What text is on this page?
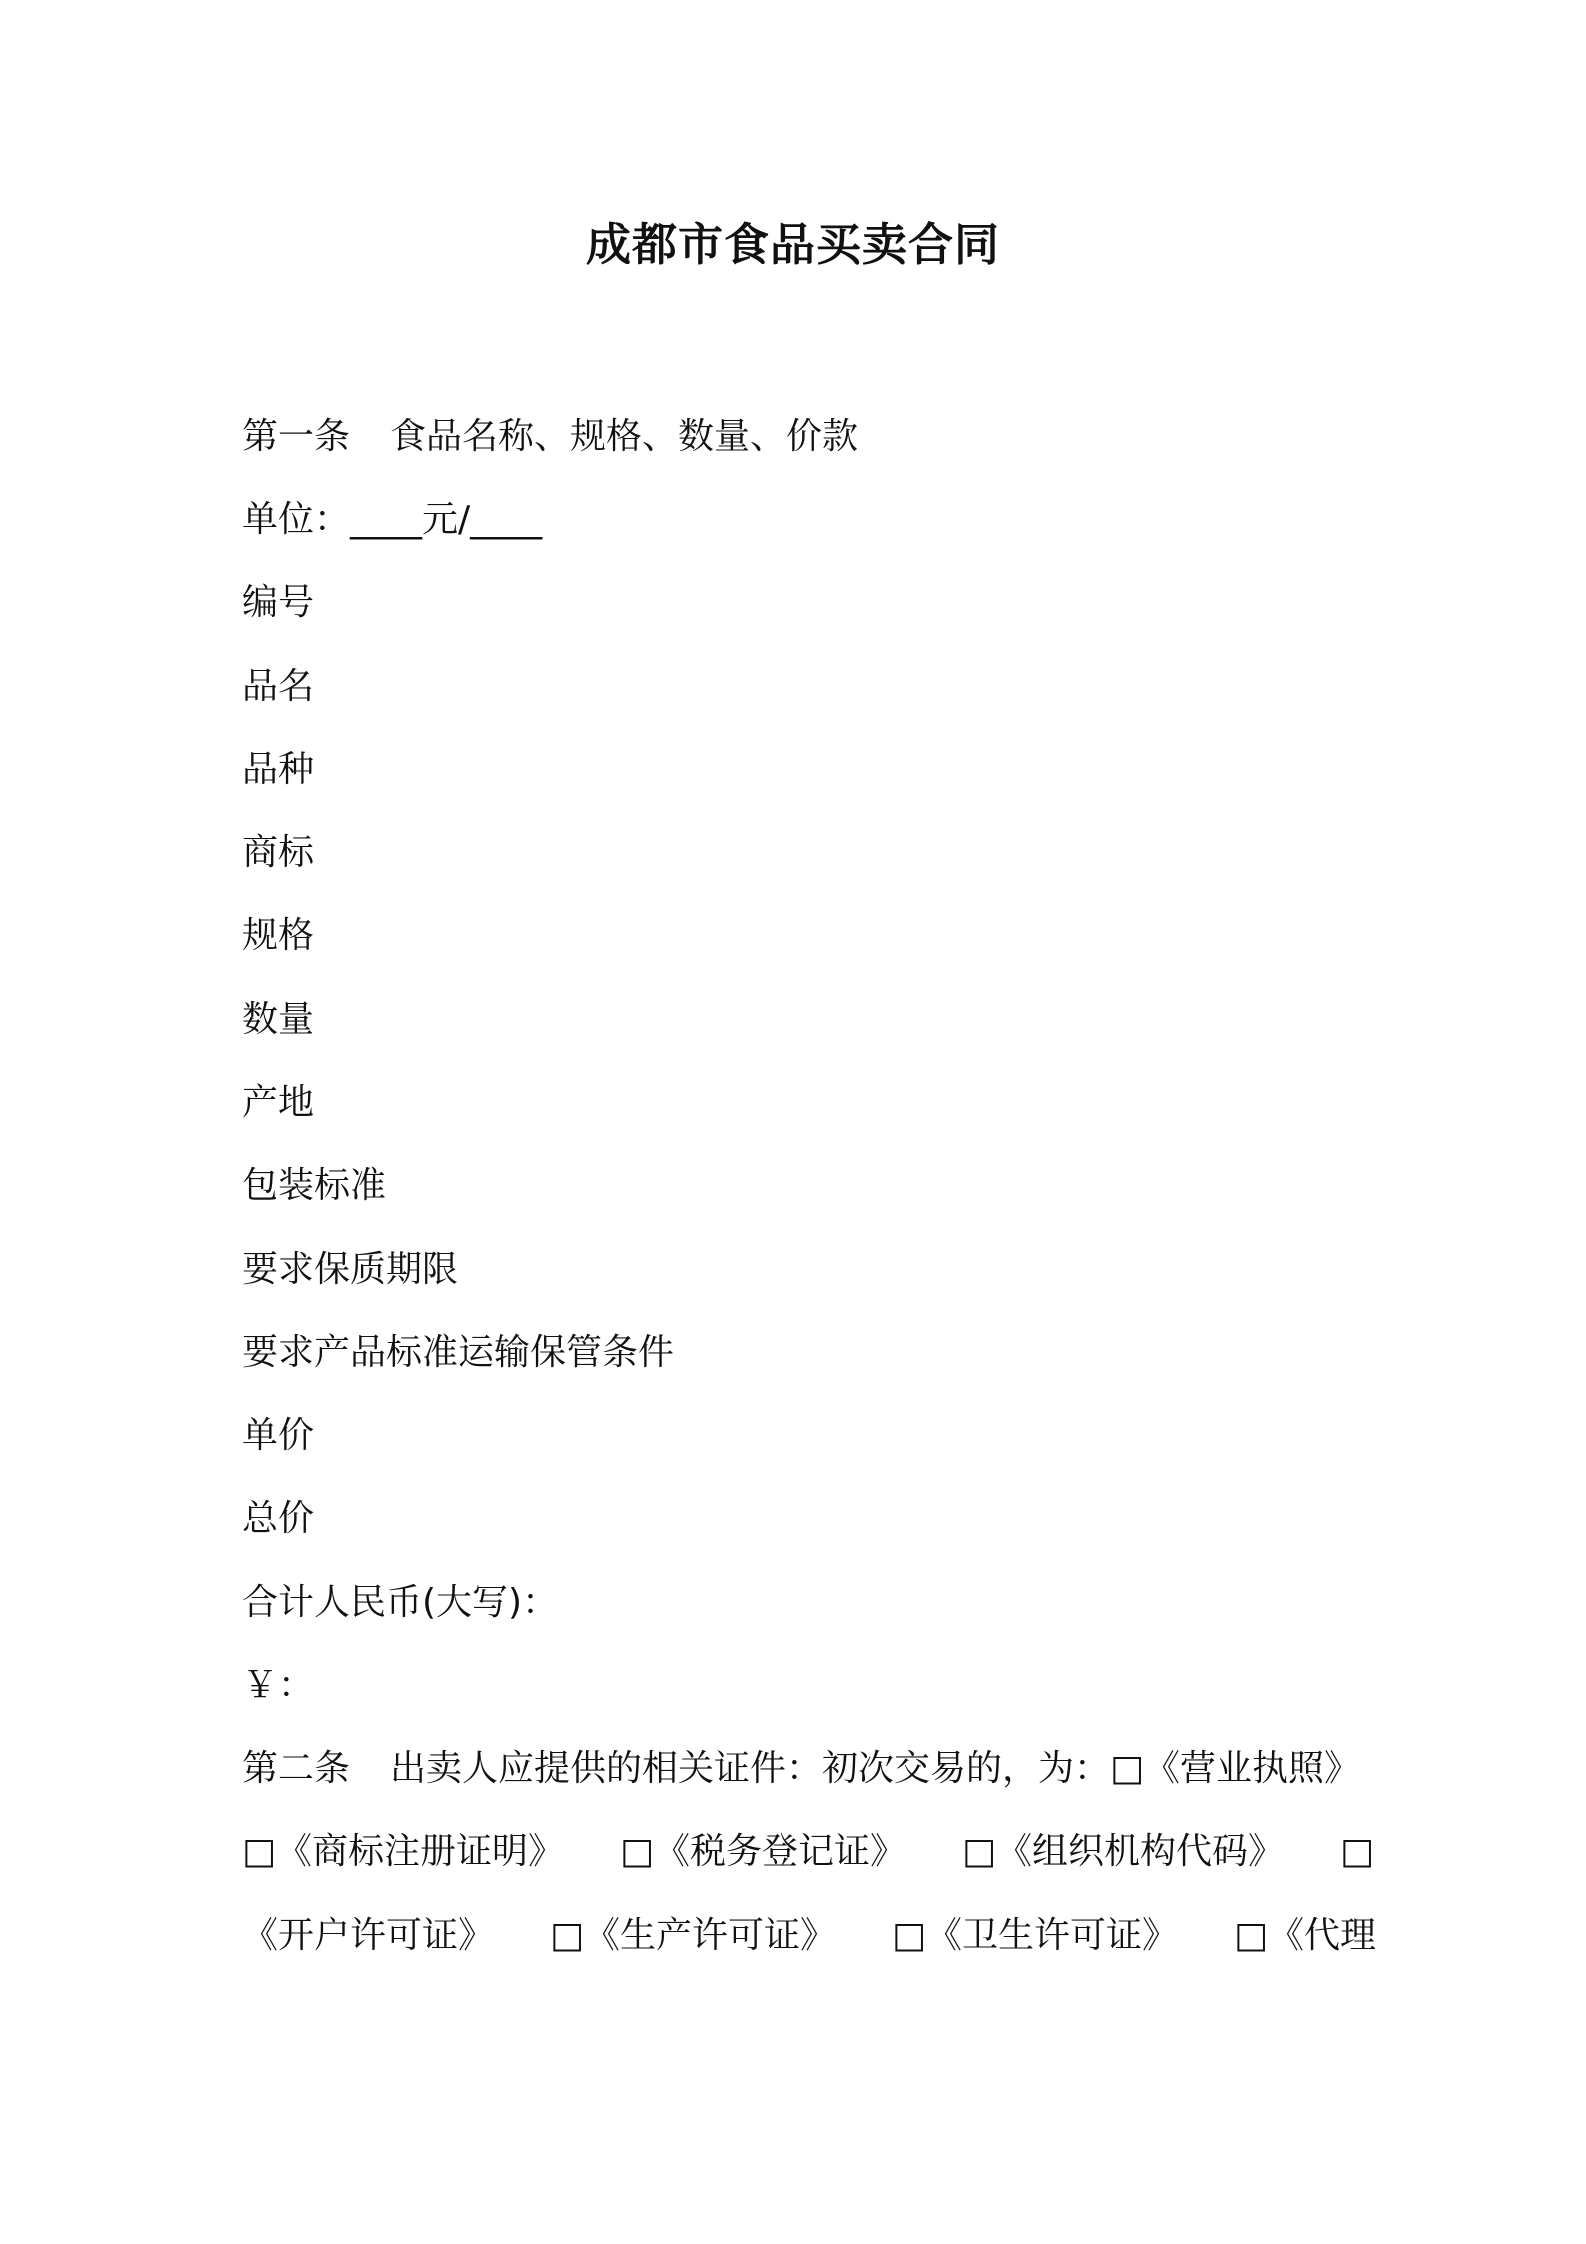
成都市食品买卖合同
第一条 食品名称、规格、数量、价款
单位：____元/____
编号
品名
品种
商标
规格
数量
产地
包装标准
要求保质期限
要求产品标准运输保管条件
单价
总价
合计人民币(大写)：
￥：
第二条 出卖人应提供的相关证件：初次交易的，为：□《营业执照》
□《商标注册证明》 □《税务登记证》 □《组织机构代码》 □
《开户许可证》 □《生产许可证》 □《卫生许可证》 □《代理
